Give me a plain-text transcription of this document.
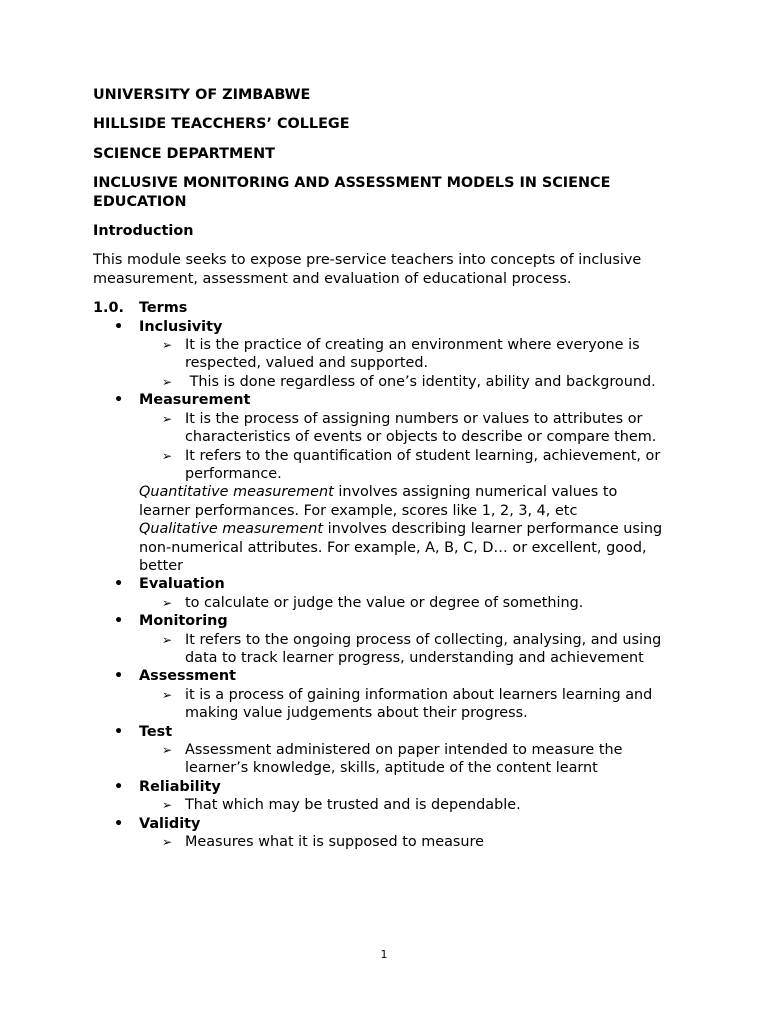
UNIVERSITY OF ZIMBABWE
HILLSIDE TEACCHERS’ COLLEGE
SCIENCE DEPARTMENT
INCLUSIVE MONITORING AND ASSESSMENT MODELS IN SCIENCE EDUCATION
Introduction
This module seeks to expose pre-service teachers into concepts of inclusive measurement, assessment and evaluation of educational process.
1.0.	Terms
• Inclusivity
➢ It is the practice of creating an environment where everyone is respected, valued and supported.
➢ This is done regardless of one’s identity, ability and background.
• Measurement
➢ It is the process of assigning numbers or values to attributes or characteristics of events or objects to describe or compare them.
➢ It refers to the quantification of student learning, achievement, or performance.
Quantitative measurement involves assigning numerical values to learner performances. For example, scores like 1, 2, 3, 4, etc
Qualitative measurement involves describing learner performance using non-numerical attributes. For example, A, B, C, D… or excellent, good, better
• Evaluation
➢ to calculate or judge the value or degree of something.
• Monitoring
➢ It refers to the ongoing process of collecting, analysing, and using data to track learner progress, understanding and achievement
• Assessment
➢ it is a process of gaining information about learners learning and making value judgements about their progress.
• Test
➢ Assessment administered on paper intended to measure the learner’s knowledge, skills, aptitude of the content learnt
• Reliability
➢ That which may be trusted and is dependable.
• Validity
➢ Measures what it is supposed to measure
1
